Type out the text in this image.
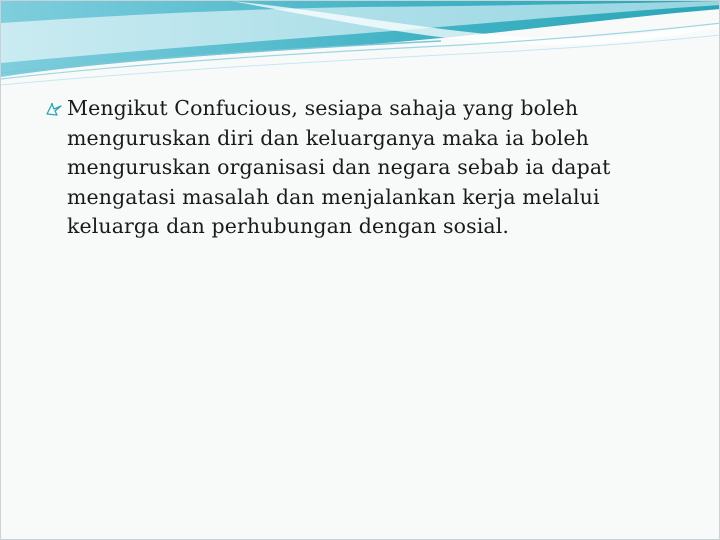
Mengikut Confucious, sesiapa sahaja yang boleh menguruskan diri dan keluarganya maka ia boleh menguruskan organisasi dan negara sebab ia dapat mengatasi masalah dan menjalankan kerja melalui keluarga dan perhubungan dengan sosial.
